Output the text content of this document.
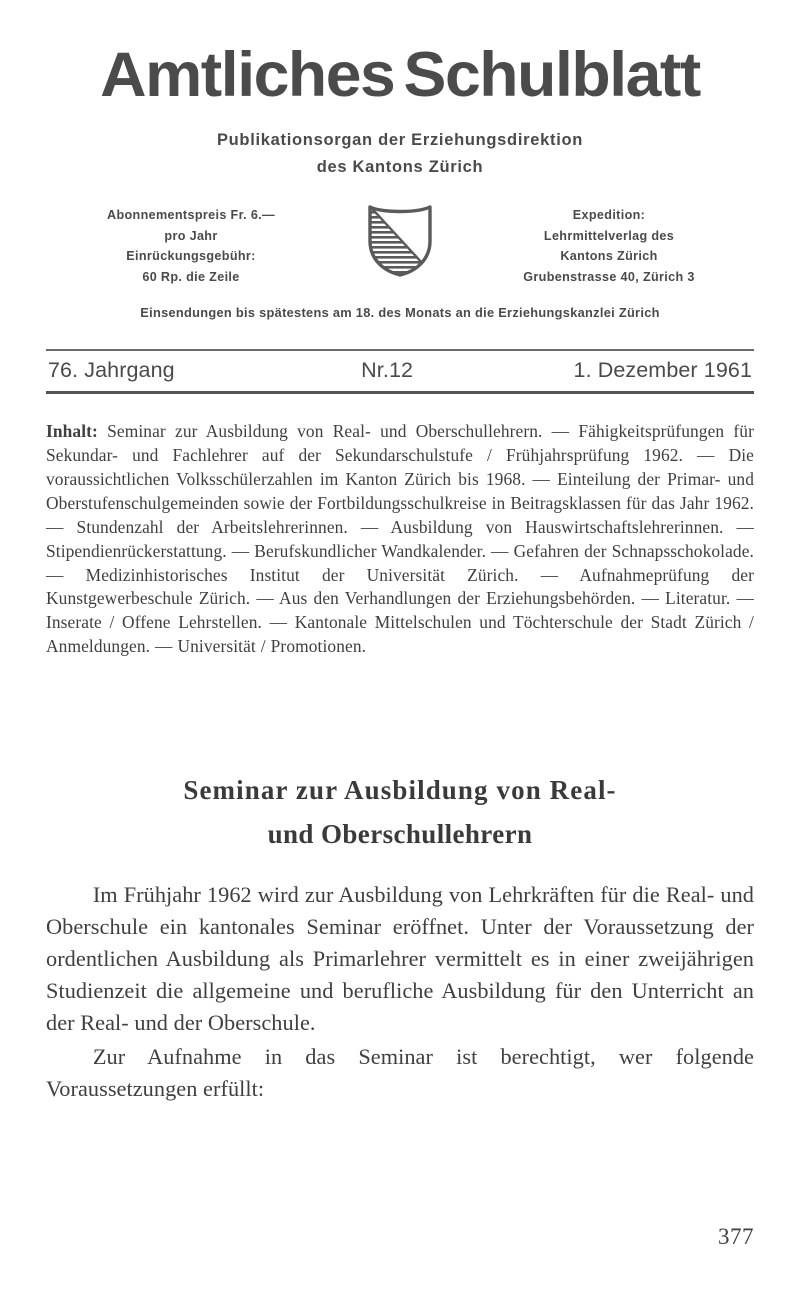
Amtliches Schulblatt
Publikationsorgan der Erziehungsdirektion
des Kantons Zürich
Abonnementspreis Fr. 6.—
pro Jahr
Einrückungsgebühr:
60 Rp. die Zeile
Expedition:
Lehrmittelverlag des
Kantons Zürich
Grubenstrasse 40, Zürich 3
Einsendungen bis spätestens am 18. des Monats an die Erziehungskanzlei Zürich
76. Jahrgang	Nr.12	1. Dezember 1961
Inhalt: Seminar zur Ausbildung von Real- und Oberschullehrern. — Fähigkeitsprüfungen für Sekundar- und Fachlehrer auf der Sekundarschulstufe / Frühjahrsprüfung 1962. — Die voraussichtlichen Volksschülerzahlen im Kanton Zürich bis 1968. — Einteilung der Primar- und Oberstufenschulgemeinden sowie der Fortbildungsschulkreise in Beitragsklassen für das Jahr 1962. — Stundenzahl der Arbeitslehrerinnen. — Ausbildung von Hauswirtschaftslehrerinnen. — Stipendienrückerstattung. — Berufskundlicher Wandkalender. — Gefahren der Schnapsschokolade. — Medizinhistorisches Institut der Universität Zürich. — Aufnahmeprüfung der Kunstgewerbeschule Zürich. — Aus den Verhandlungen der Erziehungsbehörden. — Literatur. — Inserate / Offene Lehrstellen. — Kantonale Mittelschulen und Töchterschule der Stadt Zürich / Anmeldungen. — Universität / Promotionen.
Seminar zur Ausbildung von Real-
und Oberschullehrern

Im Frühjahr 1962 wird zur Ausbildung von Lehrkräften für die Real- und Oberschule ein kantonales Seminar eröffnet. Unter der Voraussetzung der ordentlichen Ausbildung als Primarlehrer vermittelt es in einer zweijährigen Studienzeit die allgemeine und berufliche Ausbildung für den Unterricht an der Real- und der Oberschule.

Zur Aufnahme in das Seminar ist berechtigt, wer folgende Voraussetzungen erfüllt:

377
